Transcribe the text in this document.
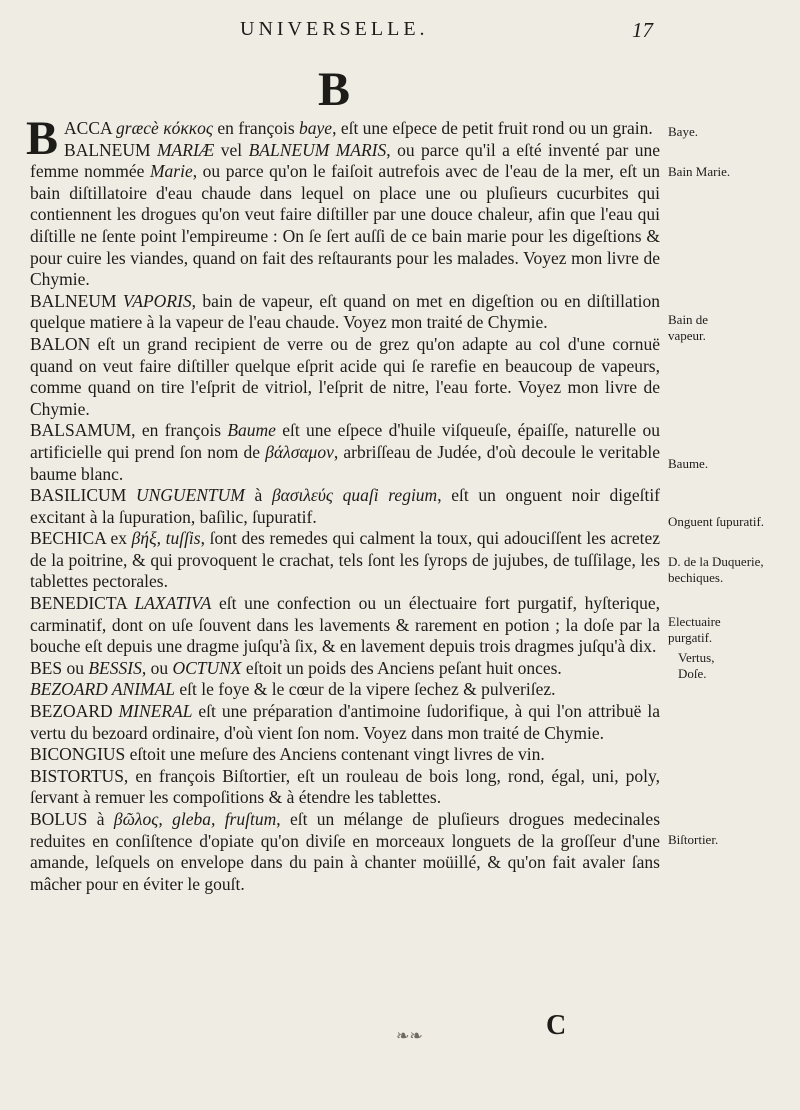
UNIVERSELLE.	17
B

BACCA græcè κόκκος en françois baye, eſt une eſpece de petit fruit rond ou un grain.

BALNEUM MARIÆ vel BALNEUM MARIS, ou parce qu'il a eſté inventé par une femme nommée Marie, ou parce qu'on le faiſoit autrefois avec de l'eau de la mer, eſt un bain diſtillatoire d'eau chaude dans lequel on place une ou pluſieurs cucurbites qui contiennent les drogues qu'on veut faire diſtiller par une douce chaleur, afin que l'eau qui diſtille ne ſente point l'empireume : On ſe ſert auſſi de ce bain marie pour les digeſtions & pour cuire les viandes, quand on fait des reſtaurants pour les malades. Voyez mon livre de Chymie.

BALNEUM VAPORIS, bain de vapeur, eſt quand on met en digeſtion ou en diſtillation quelque matiere à la vapeur de l'eau chaude. Voyez mon traité de Chymie.

BALON eſt un grand recipient de verre ou de grez qu'on adapte au col d'une cornuë quand on veut faire diſtiller quelque eſprit acide qui ſe rarefie en beaucoup de vapeurs, comme quand on tire l'eſprit de vitriol, l'eſprit de nitre, l'eau forte. Voyez mon livre de Chymie.

BALSAMUM, en françois Baume eſt une eſpece d'huile viſqueuſe, épaiſſe, naturelle ou artificielle qui prend ſon nom de βάλσαμον, arbriſſeau de Judée, d'où decoule le veritable baume blanc.

BASILICUM UNGUENTUM à βασιλεύς quaſi regium, eſt un onguent noir digeſtif excitant à la ſupuration, baſilic, ſupuratif.

BECHICA ex βήξ, tuſſis, ſont des remedes qui calment la toux, qui adouciſſent les acretez de la poitrine, & qui provoquent le crachat, tels ſont les ſyrops de jujubes, de tuſſilage, les tablettes pectorales.

BENEDICTA LAXATIVA eſt une confection ou un électuaire fort purgatif, hyſterique, carminatif, dont on uſe ſouvent dans les lavements & rarement en potion ; la doſe par la bouche eſt depuis une dragme juſqu'à ſix, & en lavement depuis trois dragmes juſqu'à dix.

BES ou BESSIS, ou OCTUNX eſtoit un poids des Anciens peſant huit onces.

BEZOARD ANIMAL eſt le foye & le cœur de la vipere ſechez & pulveriſez.

BEZOARD MINERAL eſt une préparation d'antimoine ſudorifique, à qui l'on attribuë la vertu du bezoard ordinaire, d'où vient ſon nom. Voyez dans mon traité de Chymie.

BICONGIUS eſtoit une meſure des Anciens contenant vingt livres de vin.

BISTORTUS, en françois Biſtortier, eſt un rouleau de bois long, rond, égal, uni, poly, ſervant à remuer les compoſitions & à étendre les tablettes.

BOLUS à βῶλος, gleba, fruſtum, eſt un mélange de pluſieurs drogues medecinales reduites en conſiſtence d'opiate qu'on diviſe en morceaux longuets de la groſſeur d'une amande, leſquels on envelope dans du pain à chanter moüillé, & qu'on fait avaler ſans mâcher pour en éviter le gouſt.

Baye.
Bain Marie.
Bain de vapeur.
Baume.
Onguent ſupuratif.
D. de la Duquerie, bechiques.
Electuaire purgatif.
Vertus, Doſe.
Biſtortier.
❧❧	C
